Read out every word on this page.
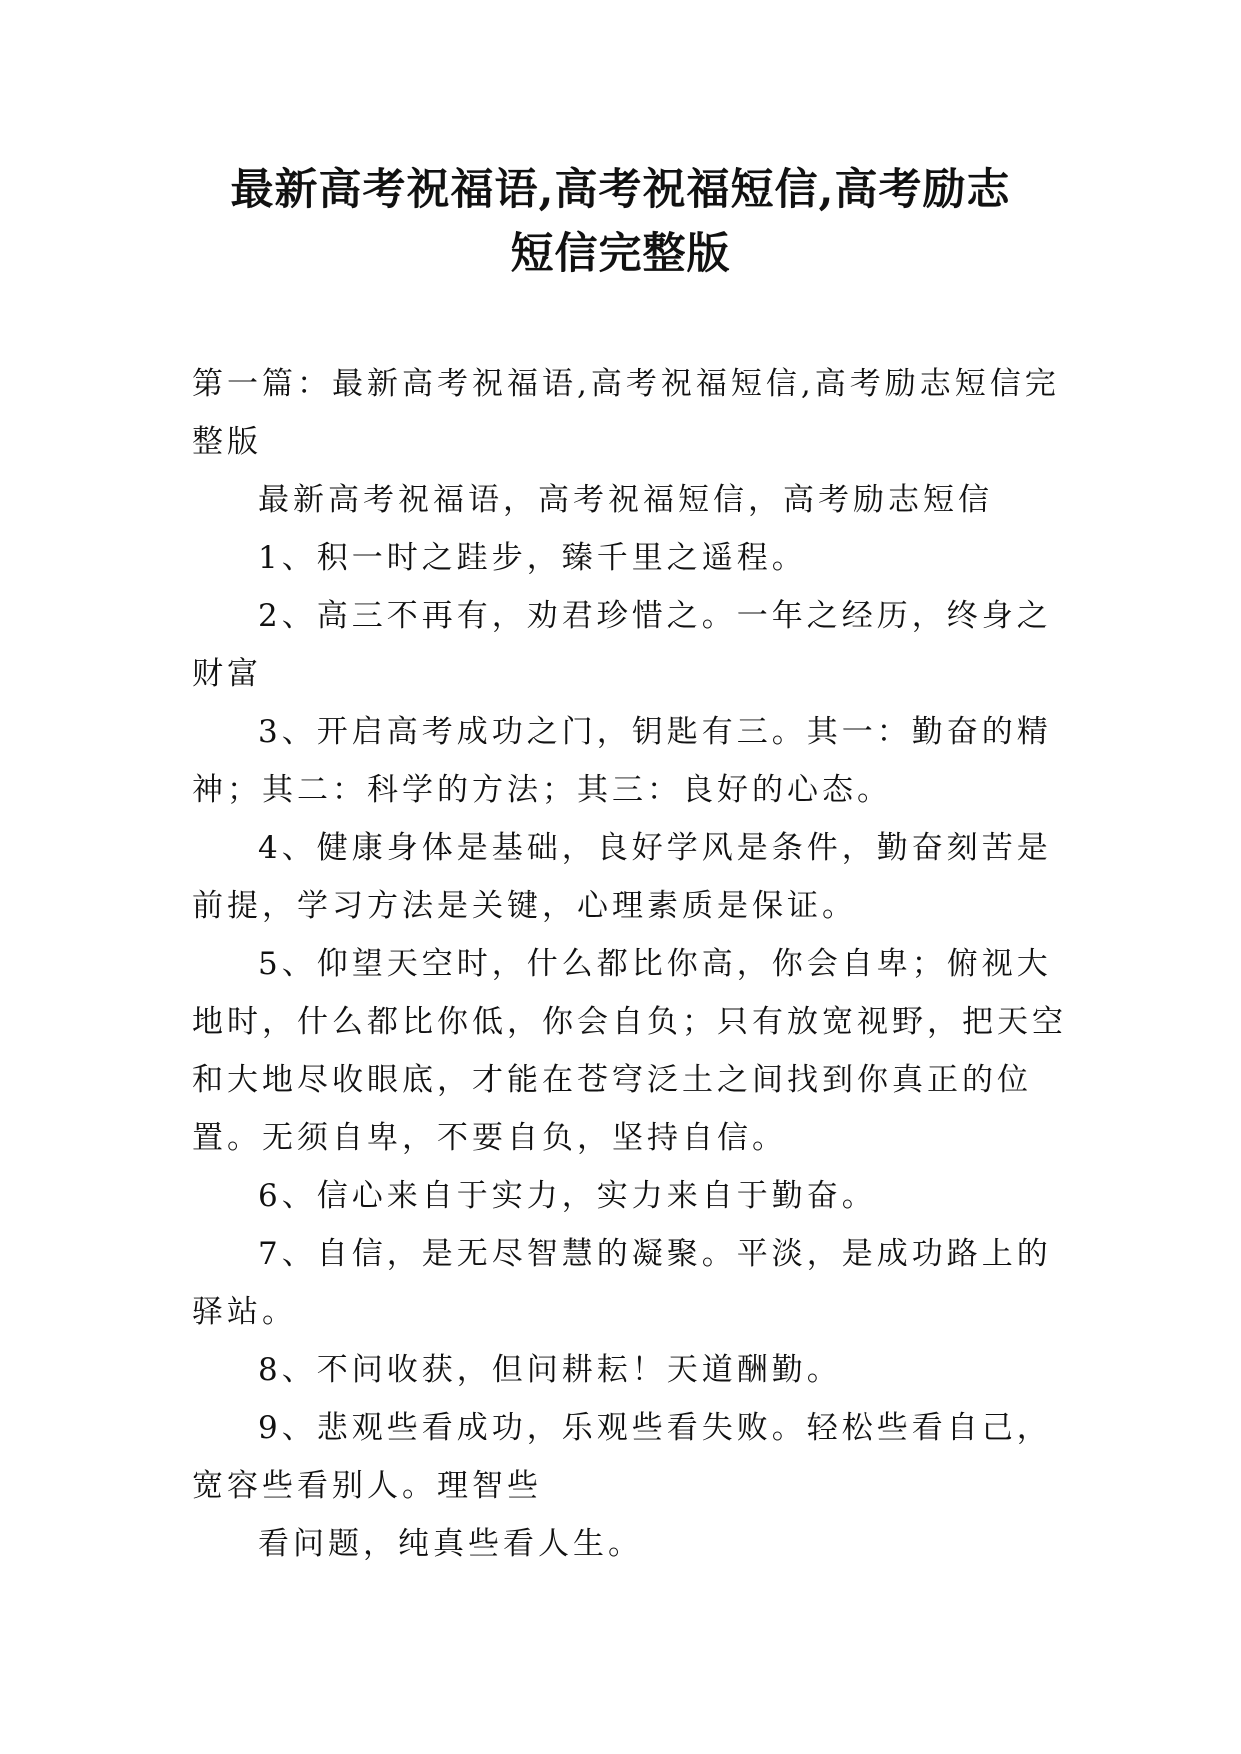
最新高考祝福语,高考祝福短信,高考励志
短信完整版

第一篇：最新高考祝福语,高考祝福短信,高考励志短信完整版

最新高考祝福语，高考祝福短信，高考励志短信

1、积一时之跬步，臻千里之遥程。

2、高三不再有，劝君珍惜之。一年之经历，终身之财富

3、开启高考成功之门，钥匙有三。其一：勤奋的精神；其二：科学的方法；其三：良好的心态。

4、健康身体是基础，良好学风是条件，勤奋刻苦是前提，学习方法是关键，心理素质是保证。

5、仰望天空时，什么都比你高，你会自卑；俯视大地时，什么都比你低，你会自负；只有放宽视野，把天空和大地尽收眼底，才能在苍穹泛土之间找到你真正的位置。无须自卑，不要自负，坚持自信。

6、信心来自于实力，实力来自于勤奋。

7、自信，是无尽智慧的凝聚。平淡，是成功路上的驿站。

8、不问收获，但问耕耘！天道酬勤。

9、悲观些看成功，乐观些看失败。轻松些看自己，宽容些看别人。理智些

看问题，纯真些看人生。
